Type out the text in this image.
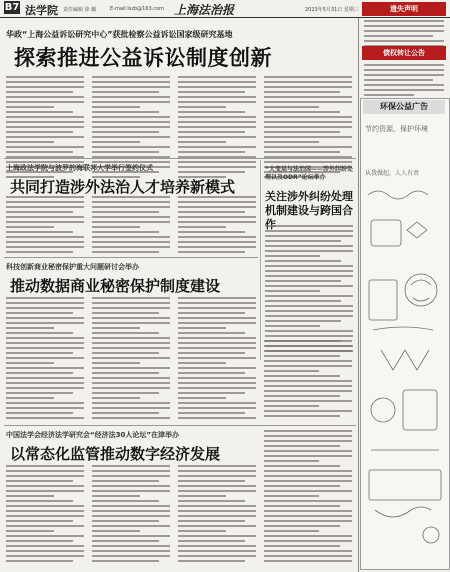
B7 法学院 责任编辑 徐 璐	E-mail:lszb@163.com 上海法治报	2023年5月31日 星期三	遗失声明
债权转让公告
环保公益广告
节约资源，保护环境
从我做起，人人有责
华政“上海公益诉讼研究中心”获批检察公益诉讼国家级研究基地
探索推进公益诉讼制度创新
上海政法学院与波罗的海联邦大学举行签约仪式
共同打造涉外法治人才培养新模式
“大变局与法治国——涉外纠纷处理以及ODR”论坛举办
关注涉外纠纷处理机制建设与跨国合
科技创新商业秘密保护重大问题研讨会举办
推动数据商业秘密保护制度建设
中国法学会经济法学研究会“经济法30人论坛”在津举办
以常态化监管推动数字经济发展
